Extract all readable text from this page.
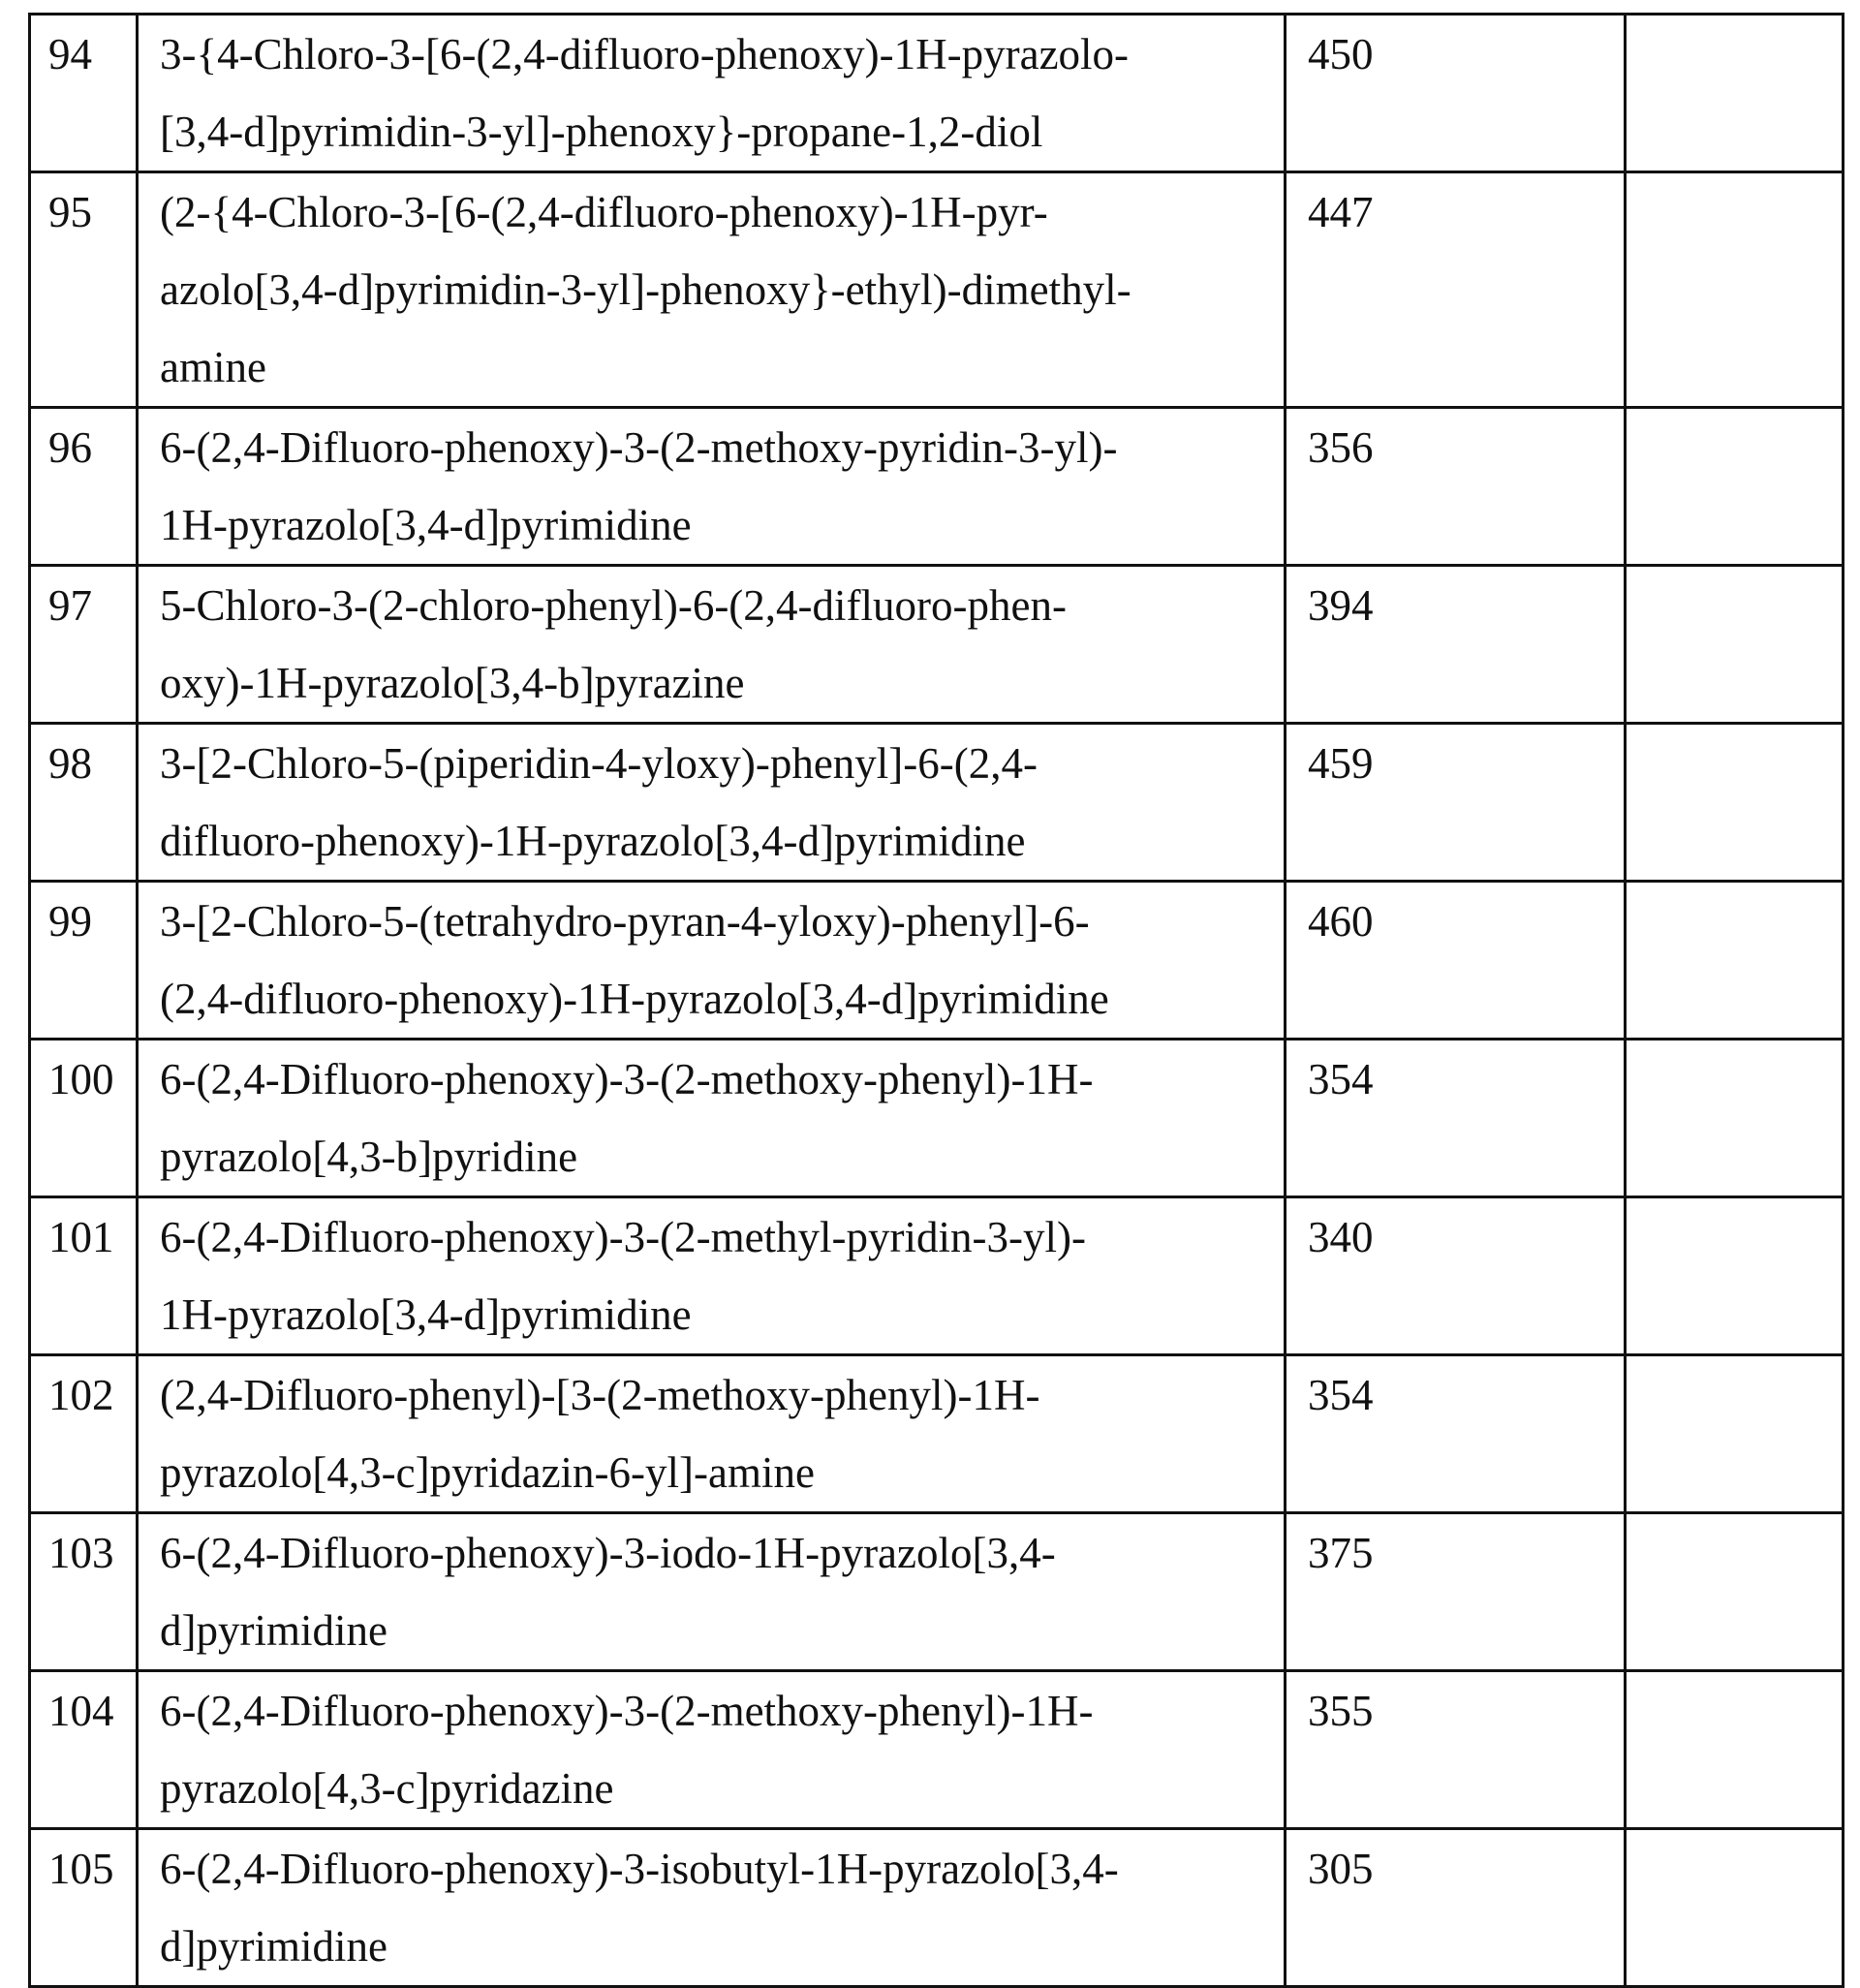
94	3-{4-Chloro-3-[6-(2,4-difluoro-phenoxy)-1H-pyrazolo-
[3,4-d]pyrimidin-3-yl]-phenoxy}-propane-1,2-diol	450	
95	(2-{4-Chloro-3-[6-(2,4-difluoro-phenoxy)-1H-pyr-
azolo[3,4-d]pyrimidin-3-yl]-phenoxy}-ethyl)-dimethyl-
amine	447	
96	6-(2,4-Difluoro-phenoxy)-3-(2-methoxy-pyridin-3-yl)-
1H-pyrazolo[3,4-d]pyrimidine	356	
97	5-Chloro-3-(2-chloro-phenyl)-6-(2,4-difluoro-phen-
oxy)-1H-pyrazolo[3,4-b]pyrazine	394	
98	3-[2-Chloro-5-(piperidin-4-yloxy)-phenyl]-6-(2,4-
difluoro-phenoxy)-1H-pyrazolo[3,4-d]pyrimidine	459	
99	3-[2-Chloro-5-(tetrahydro-pyran-4-yloxy)-phenyl]-6-
(2,4-difluoro-phenoxy)-1H-pyrazolo[3,4-d]pyrimidine	460	
100	6-(2,4-Difluoro-phenoxy)-3-(2-methoxy-phenyl)-1H-
pyrazolo[4,3-b]pyridine	354	
101	6-(2,4-Difluoro-phenoxy)-3-(2-methyl-pyridin-3-yl)-
1H-pyrazolo[3,4-d]pyrimidine	340	
102	(2,4-Difluoro-phenyl)-[3-(2-methoxy-phenyl)-1H-
pyrazolo[4,3-c]pyridazin-6-yl]-amine	354	
103	6-(2,4-Difluoro-phenoxy)-3-iodo-1H-pyrazolo[3,4-
d]pyrimidine	375	
104	6-(2,4-Difluoro-phenoxy)-3-(2-methoxy-phenyl)-1H-
pyrazolo[4,3-c]pyridazine	355	
105	6-(2,4-Difluoro-phenoxy)-3-isobutyl-1H-pyrazolo[3,4-
d]pyrimidine	305	
